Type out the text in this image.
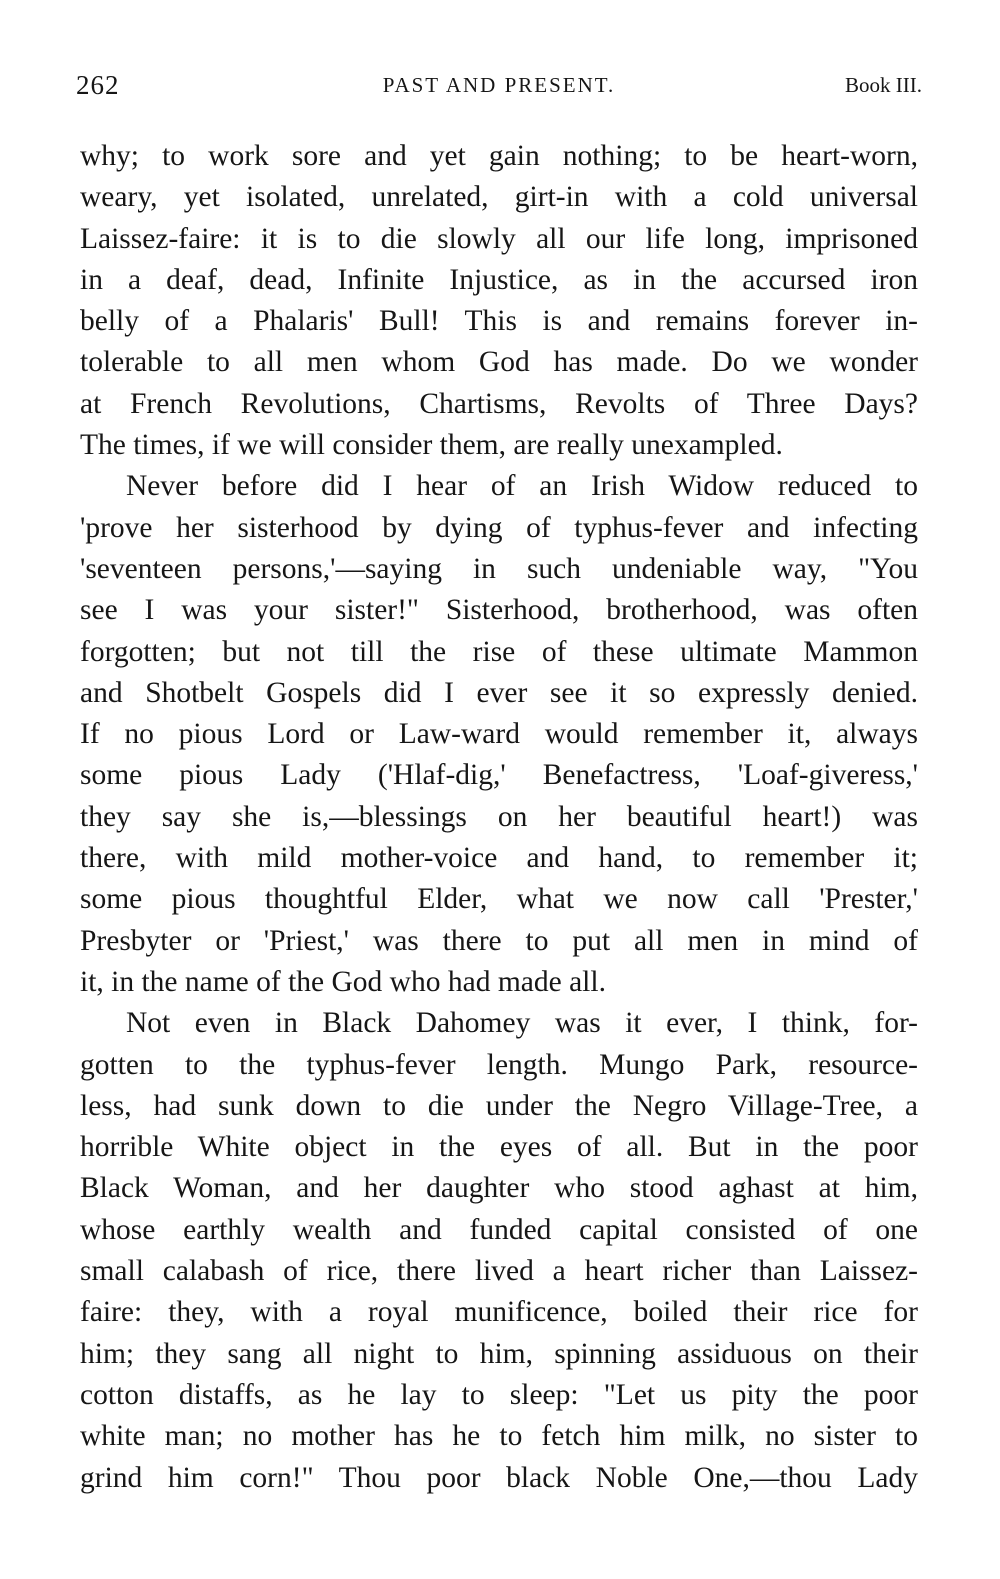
262	PAST AND PRESENT.	Book III.
why; to work sore and yet gain nothing; to be heart-worn,
weary, yet isolated, unrelated, girt-in with a cold universal
Laissez-faire: it is to die slowly all our life long, imprisoned
in a deaf, dead, Infinite Injustice, as in the accursed iron
belly of a Phalaris' Bull! This is and remains forever in-
tolerable to all men whom God has made. Do we wonder
at French Revolutions, Chartisms, Revolts of Three Days?
The times, if we will consider them, are really unexampled.
Never before did I hear of an Irish Widow reduced to
'prove her sisterhood by dying of typhus-fever and infecting
'seventeen persons,'—saying in such undeniable way, "You
see I was your sister!" Sisterhood, brotherhood, was often
forgotten; but not till the rise of these ultimate Mammon
and Shotbelt Gospels did I ever see it so expressly denied.
If no pious Lord or Law-ward would remember it, always
some pious Lady ('Hlaf-dig,' Benefactress, 'Loaf-giveress,'
they say she is,—blessings on her beautiful heart!) was
there, with mild mother-voice and hand, to remember it;
some pious thoughtful Elder, what we now call 'Prester,'
Presbyter or 'Priest,' was there to put all men in mind of
it, in the name of the God who had made all.
Not even in Black Dahomey was it ever, I think, for-
gotten to the typhus-fever length. Mungo Park, resource-
less, had sunk down to die under the Negro Village-Tree, a
horrible White object in the eyes of all. But in the poor
Black Woman, and her daughter who stood aghast at him,
whose earthly wealth and funded capital consisted of one
small calabash of rice, there lived a heart richer than Laissez-
faire: they, with a royal munificence, boiled their rice for
him; they sang all night to him, spinning assiduous on their
cotton distaffs, as he lay to sleep: "Let us pity the poor
white man; no mother has he to fetch him milk, no sister to
grind him corn!" Thou poor black Noble One,—thou Lady
